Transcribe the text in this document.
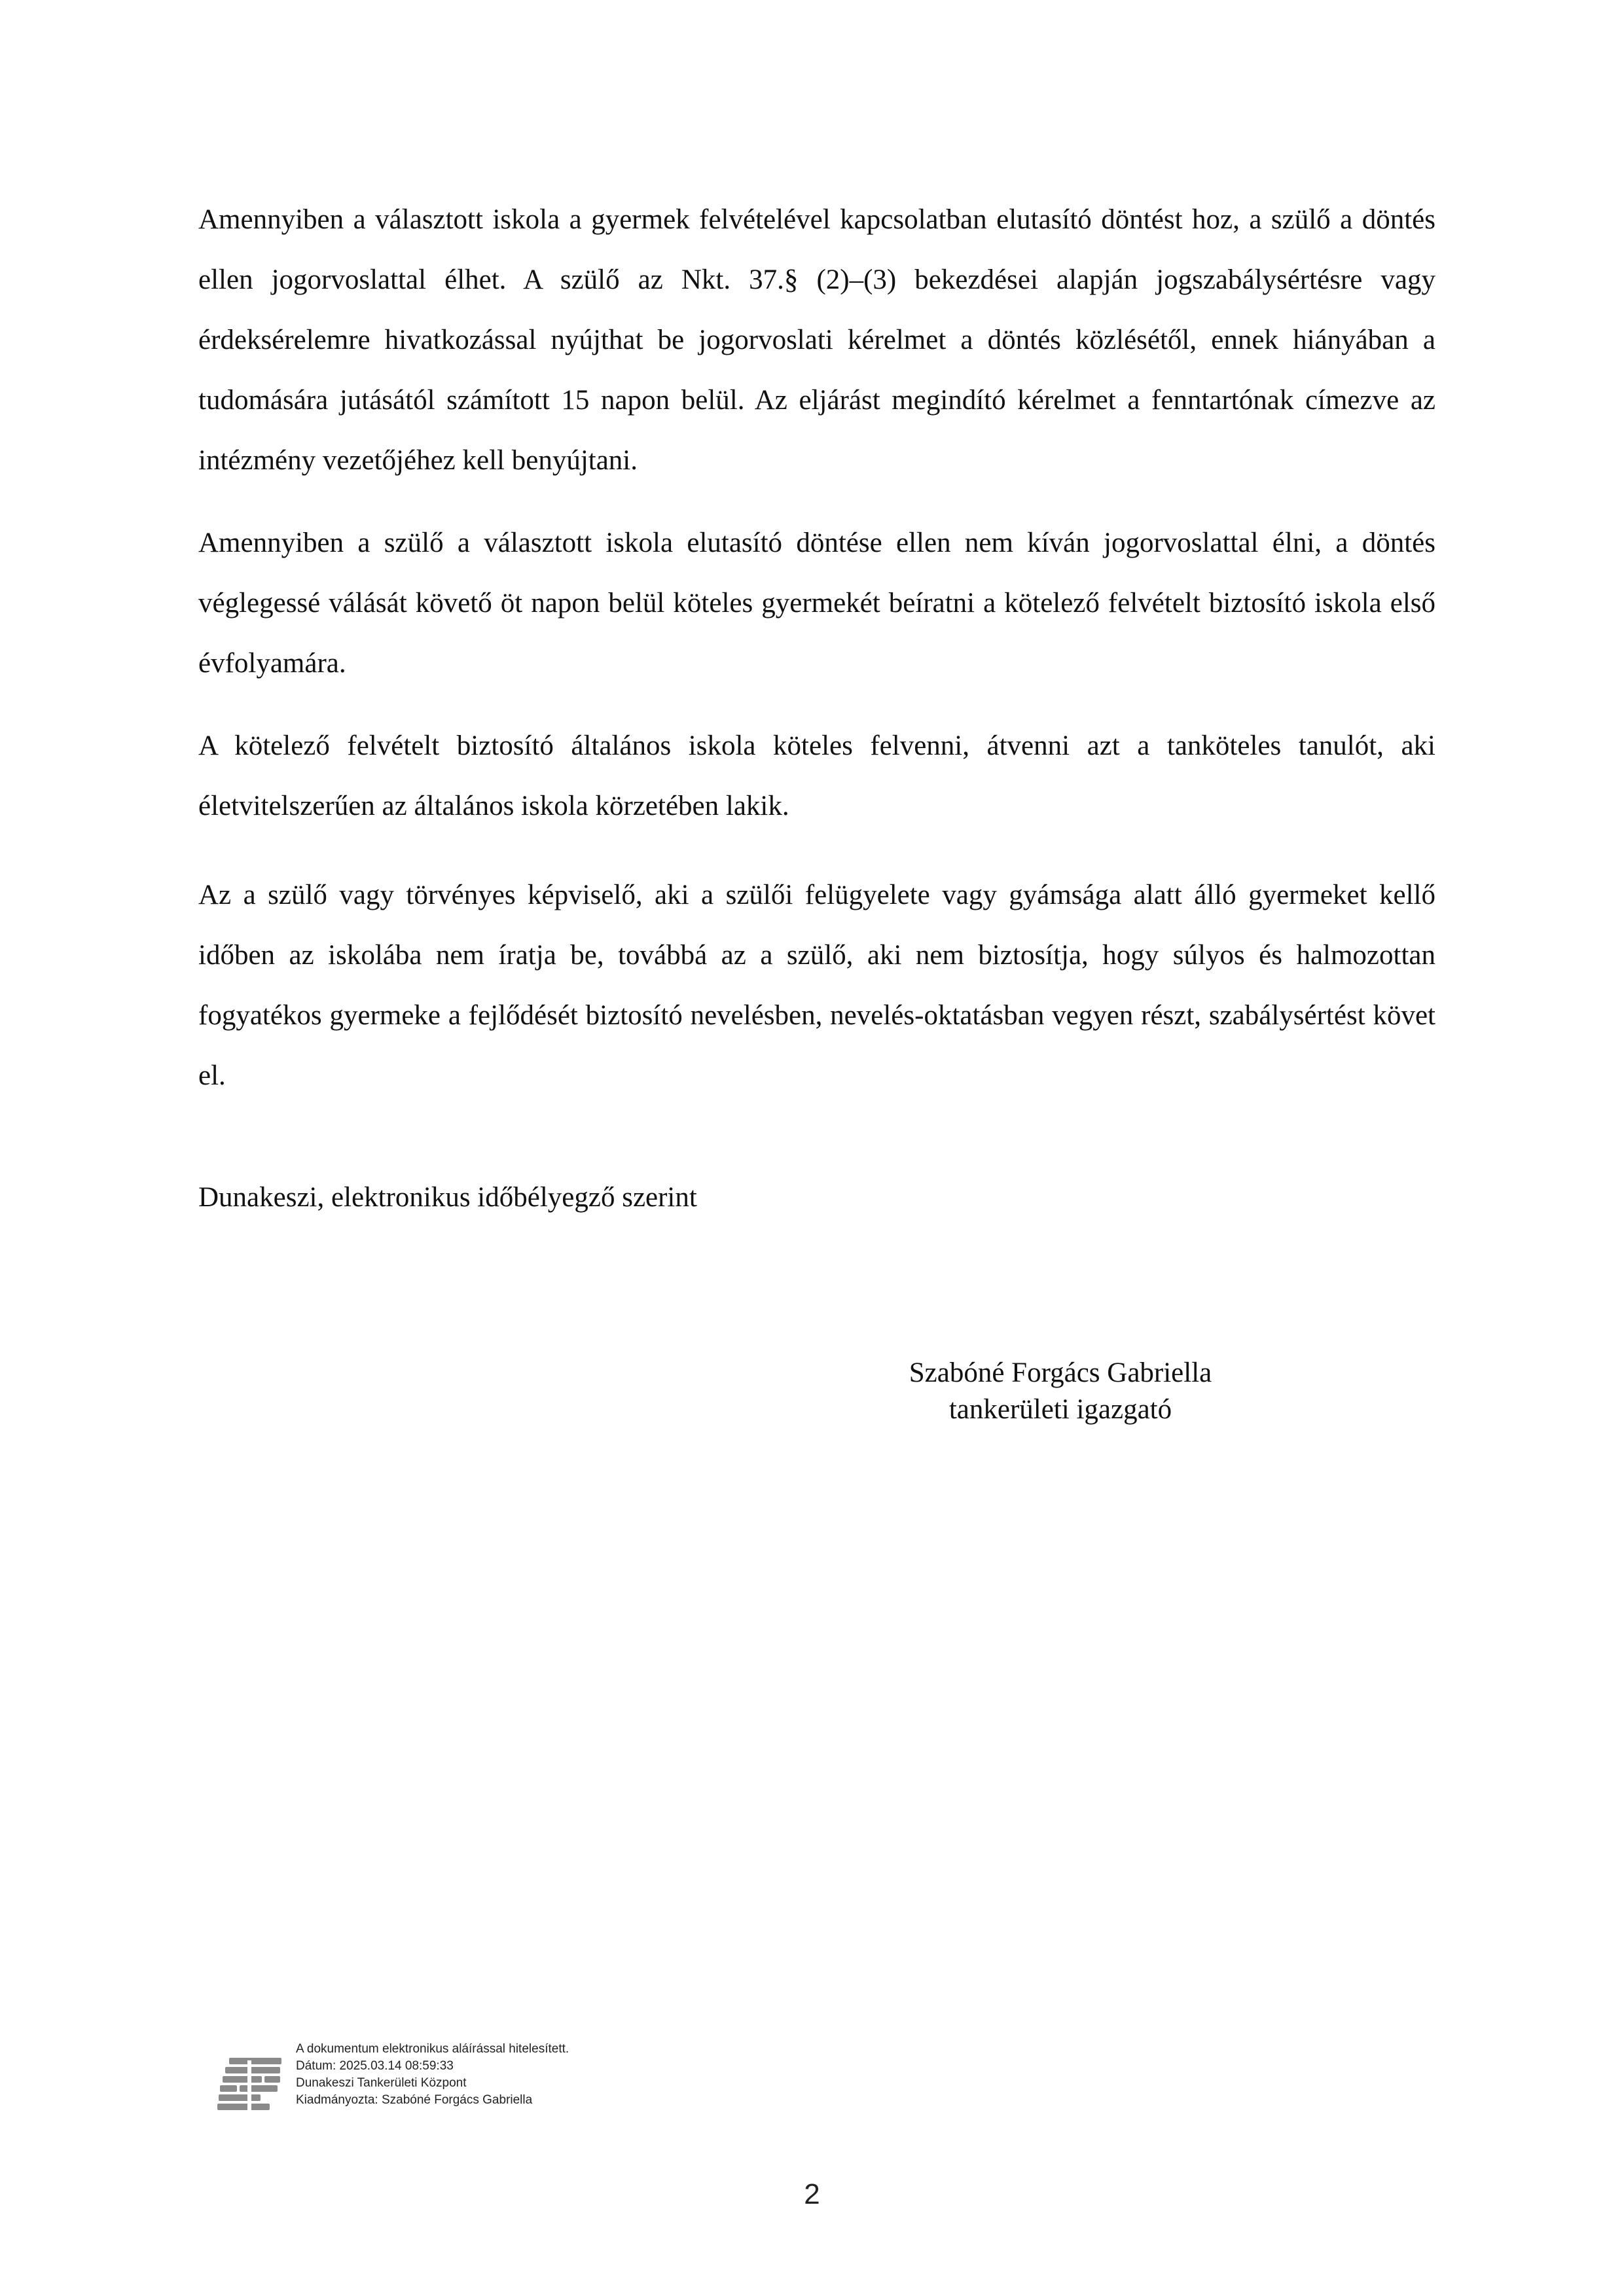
Amennyiben a választott iskola a gyermek felvételével kapcsolatban elutasító döntést hoz, a szülő a döntés ellen jogorvoslattal élhet. A szülő az Nkt. 37.§ (2)–(3) bekezdései alapján jogszabálysértésre vagy érdeksérelemre hivatkozással nyújthat be jogorvoslati kérelmet a döntés közlésétől, ennek hiányában a tudomására jutásától számított 15 napon belül. Az eljárást megindító kérelmet a fenntartónak címezve az intézmény vezetőjéhez kell benyújtani.

Amennyiben a szülő a választott iskola elutasító döntése ellen nem kíván jogorvoslattal élni, a döntés véglegessé válását követő öt napon belül köteles gyermekét beíratni a kötelező felvételt biztosító iskola első évfolyamára.

A kötelező felvételt biztosító általános iskola köteles felvenni, átvenni azt a tanköteles tanulót, aki életvitelszerűen az általános iskola körzetében lakik.

Az a szülő vagy törvényes képviselő, aki a szülői felügyelete vagy gyámsága alatt álló gyermeket kellő időben az iskolába nem íratja be, továbbá az a szülő, aki nem biztosítja, hogy súlyos és halmozottan fogyatékos gyermeke a fejlődését biztosító nevelésben, nevelés-oktatásban vegyen részt, szabálysértést követ el.

Dunakeszi, elektronikus időbélyegző szerint

Szabóné Forgács Gabriella
tankerületi igazgató
A dokumentum elektronikus aláírással hitelesített.
Dátum: 2025.03.14 08:59:33
Dunakeszi Tankerületi Központ
Kiadmányozta: Szabóné Forgács Gabriella
2
